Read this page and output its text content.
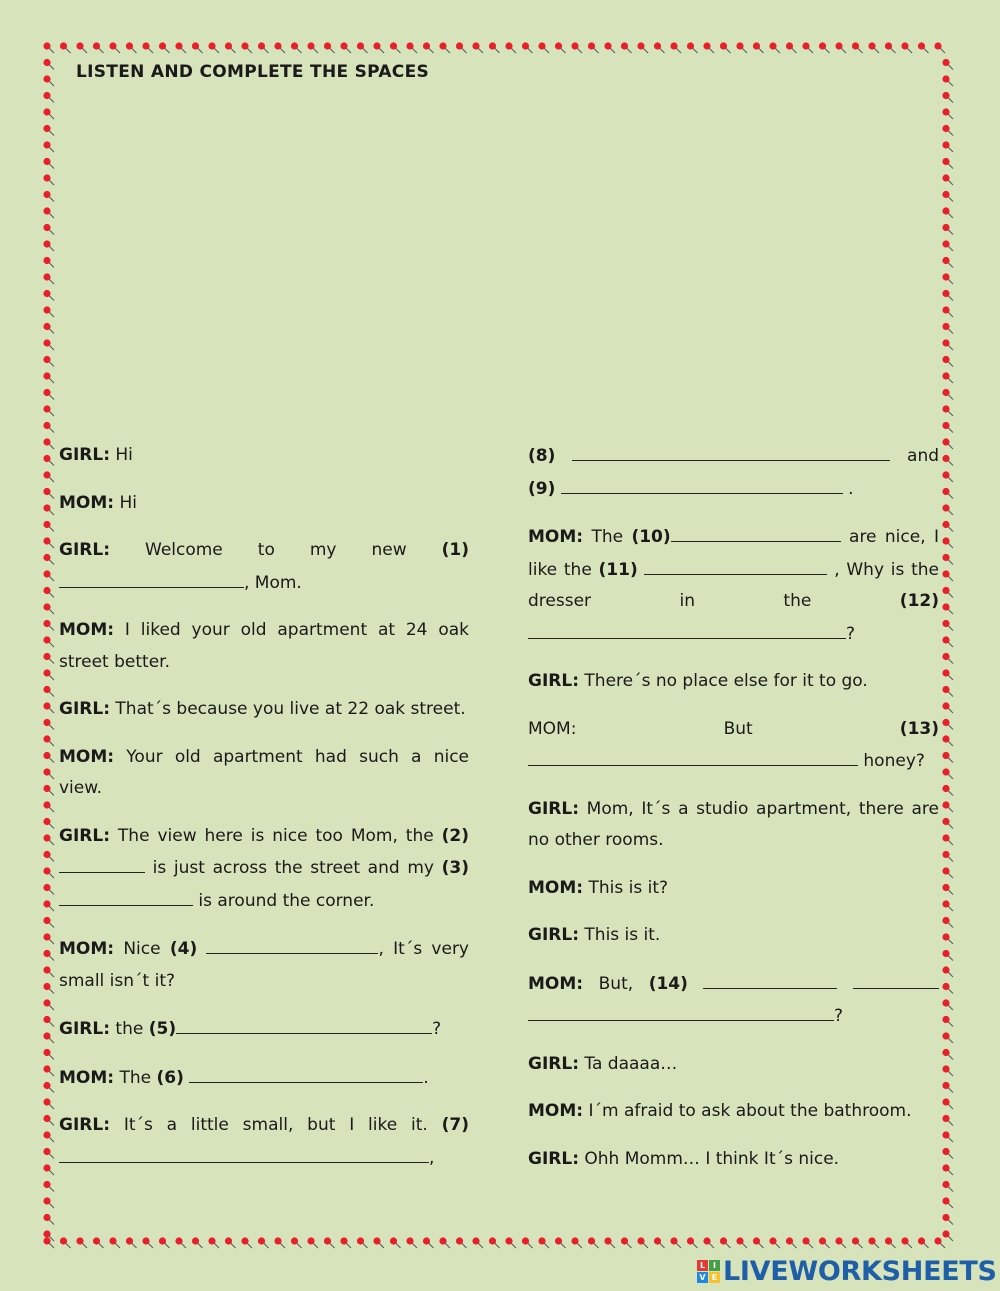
LISTEN AND COMPLETE THE SPACES

GIRL: Hi

MOM: Hi

GIRL: Welcome to my new (1) , Mom.

MOM: I liked your old apartment at 24 oak street better.

GIRL: That´s because you live at 22 oak street.

MOM: Your old apartment had such a nice view.

GIRL: The view here is nice too Mom, the (2)  is just across the street and my (3) is around the corner.

MOM: Nice (4)	, It´s very small isn´t it?

GIRL: the (5)	?

MOM: The (6)	.

GIRL: It´s a little small, but I like it. (7) ,

(8)	and (9)	.

MOM: The (10)	are nice, I like the (11)	, Why is the dresser in the (12) ?

GIRL: There´s no place else for it to go.

MOM: But (13)  honey?

GIRL: Mom, It´s a studio apartment, there are no other rooms.

MOM: This is it?

GIRL: This is it.

MOM: But, (14)   ?

GIRL: Ta daaaa…

MOM: I´m afraid to ask about the bathroom.

GIRL: Ohh Momm… I think It´s nice.

L I
V E LIVEWORKSHEETS
